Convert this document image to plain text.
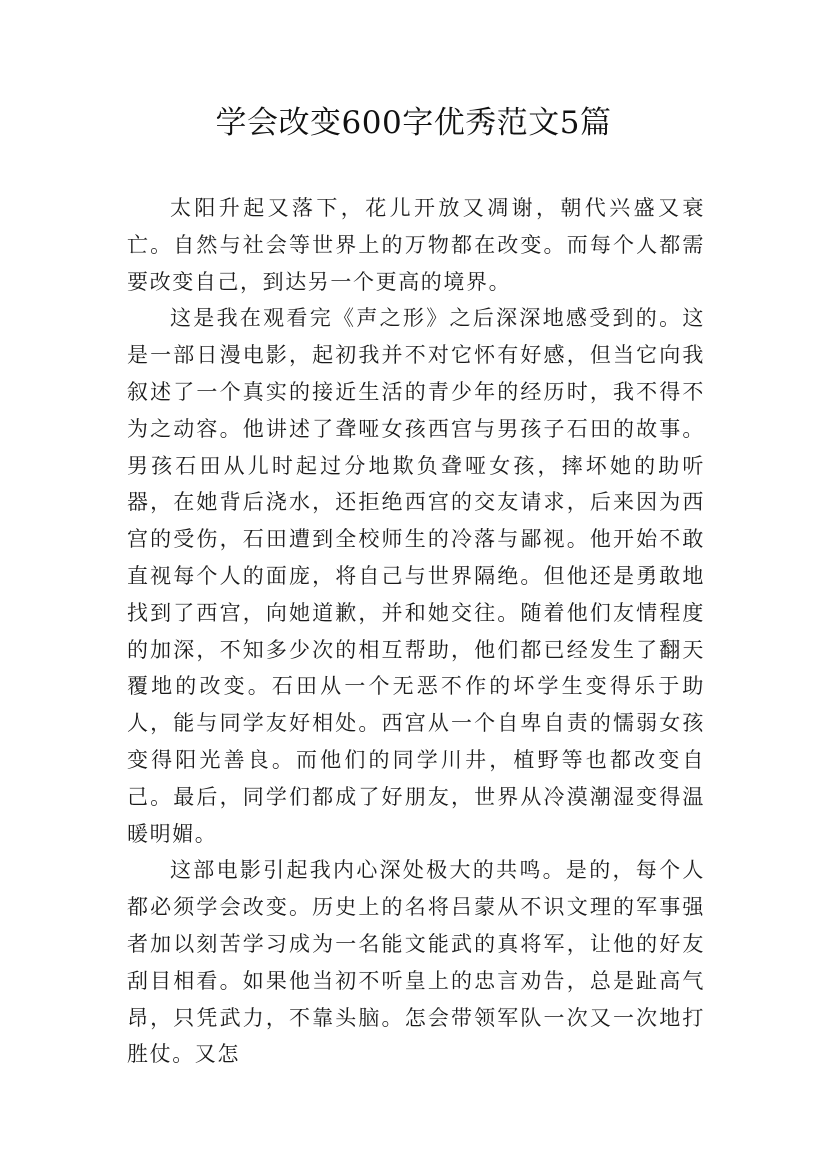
学会改变600字优秀范文5篇

太阳升起又落下，花儿开放又凋谢，朝代兴盛又衰亡。自然与社会等世界上的万物都在改变。而每个人都需要改变自己，到达另一个更高的境界。

这是我在观看完《声之形》之后深深地感受到的。这是一部日漫电影，起初我并不对它怀有好感，但当它向我叙述了一个真实的接近生活的青少年的经历时，我不得不为之动容。他讲述了聋哑女孩西宫与男孩子石田的故事。男孩石田从儿时起过分地欺负聋哑女孩，摔坏她的助听器，在她背后浇水，还拒绝西宫的交友请求，后来因为西宫的受伤，石田遭到全校师生的冷落与鄙视。他开始不敢直视每个人的面庞，将自己与世界隔绝。但他还是勇敢地找到了西宫，向她道歉，并和她交往。随着他们友情程度的加深，不知多少次的相互帮助，他们都已经发生了翻天覆地的改变。石田从一个无恶不作的坏学生变得乐于助人，能与同学友好相处。西宫从一个自卑自责的懦弱女孩变得阳光善良。而他们的同学川井，植野等也都改变自己。最后，同学们都成了好朋友，世界从冷漠潮湿变得温暖明媚。

这部电影引起我内心深处极大的共鸣。是的，每个人都必须学会改变。历史上的名将吕蒙从不识文理的军事强者加以刻苦学习成为一名能文能武的真将军，让他的好友刮目相看。如果他当初不听皇上的忠言劝告，总是趾高气昂，只凭武力，不靠头脑。怎会带领军队一次又一次地打胜仗。又怎
